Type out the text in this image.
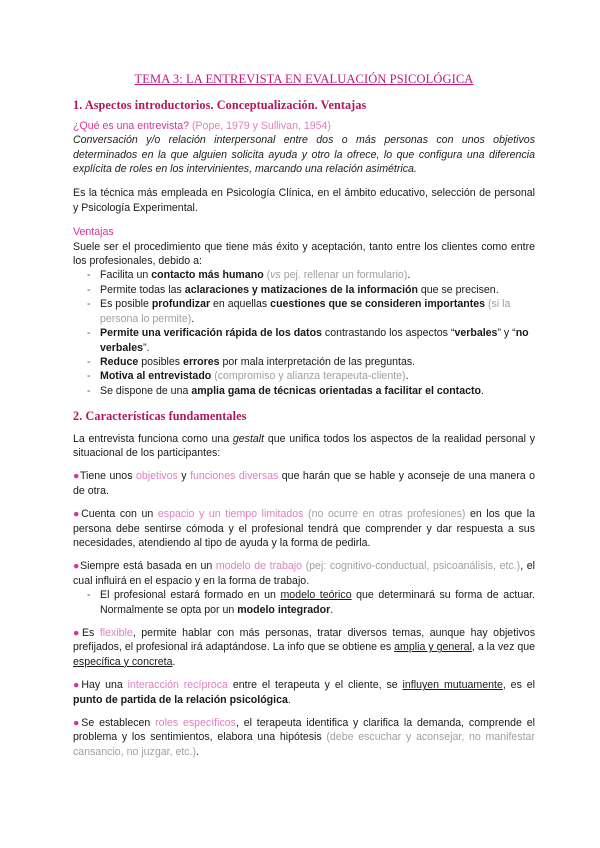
TEMA 3: LA ENTREVISTA EN EVALUACIÓN PSICOLÓGICA
1. Aspectos introductorios. Conceptualización. Ventajas

¿Qué es una entrevista? (Pope, 1979 y Sullivan, 1954)

Conversación y/o relación interpersonal entre dos o más personas con unos objetivos determinados en la que alguien solicita ayuda y otro la ofrece, lo que configura una diferencia explícita de roles en los intervinientes, marcando una relación asimétrica.

Es la técnica más empleada en Psicología Clínica, en el ámbito educativo, selección de personal y Psicología Experimental.

Ventajas

Suele ser el procedimiento que tiene más éxito y aceptación, tanto entre los clientes como entre los profesionales, debido a:

- Facilita un contacto más humano (vs pej. rellenar un formulario).
- Permite todas las aclaraciones y matizaciones de la información que se precisen.
- Es posible profundizar en aquellas cuestiones que se consideren importantes (si la persona lo permite).
- Permite una verificación rápida de los datos contrastando los aspectos “verbales” y “no verbales”.
- Reduce posibles errores por mala interpretación de las preguntas.
- Motiva al entrevistado (compromiso y alianza terapeuta-cliente).
- Se dispone de una amplia gama de técnicas orientadas a facilitar el contacto.
2. Características fundamentales

La entrevista funciona como una gestalt que unifica todos los aspectos de la realidad personal y situacional de los participantes:

●Tiene unos objetivos y funciones diversas que harán que se hable y aconseje de una manera o de otra.

●Cuenta con un espacio y un tiempo limitados (no ocurre en otras profesiones) en los que la persona debe sentirse cómoda y el profesional tendrá que comprender y dar respuesta a sus necesidades, atendiendo al tipo de ayuda y la forma de pedirla.

●Siempre está basada en un modelo de trabajo (pej: cognitivo-conductual, psicoanálisis, etc.), el cual influirá en el espacio y en la forma de trabajo.

- El profesional estará formado en un modelo teórico que determinará su forma de actuar. Normalmente se opta por un modelo integrador.

●Es flexible, permite hablar con más personas, tratar diversos temas, aunque hay objetivos prefijados, el profesional irá adaptándose. La info que se obtiene es amplia y general, a la vez que específica y concreta.

●Hay una interacción recíproca entre el terapeuta y el cliente, se influyen mutuamente, es el punto de partida de la relación psicológica.

●Se establecen roles específicos, el terapeuta identifica y clarifica la demanda, comprende el problema y los sentimientos, elabora una hipótesis (debe escuchar y aconsejar, no manifestar cansancio, no juzgar, etc.).
